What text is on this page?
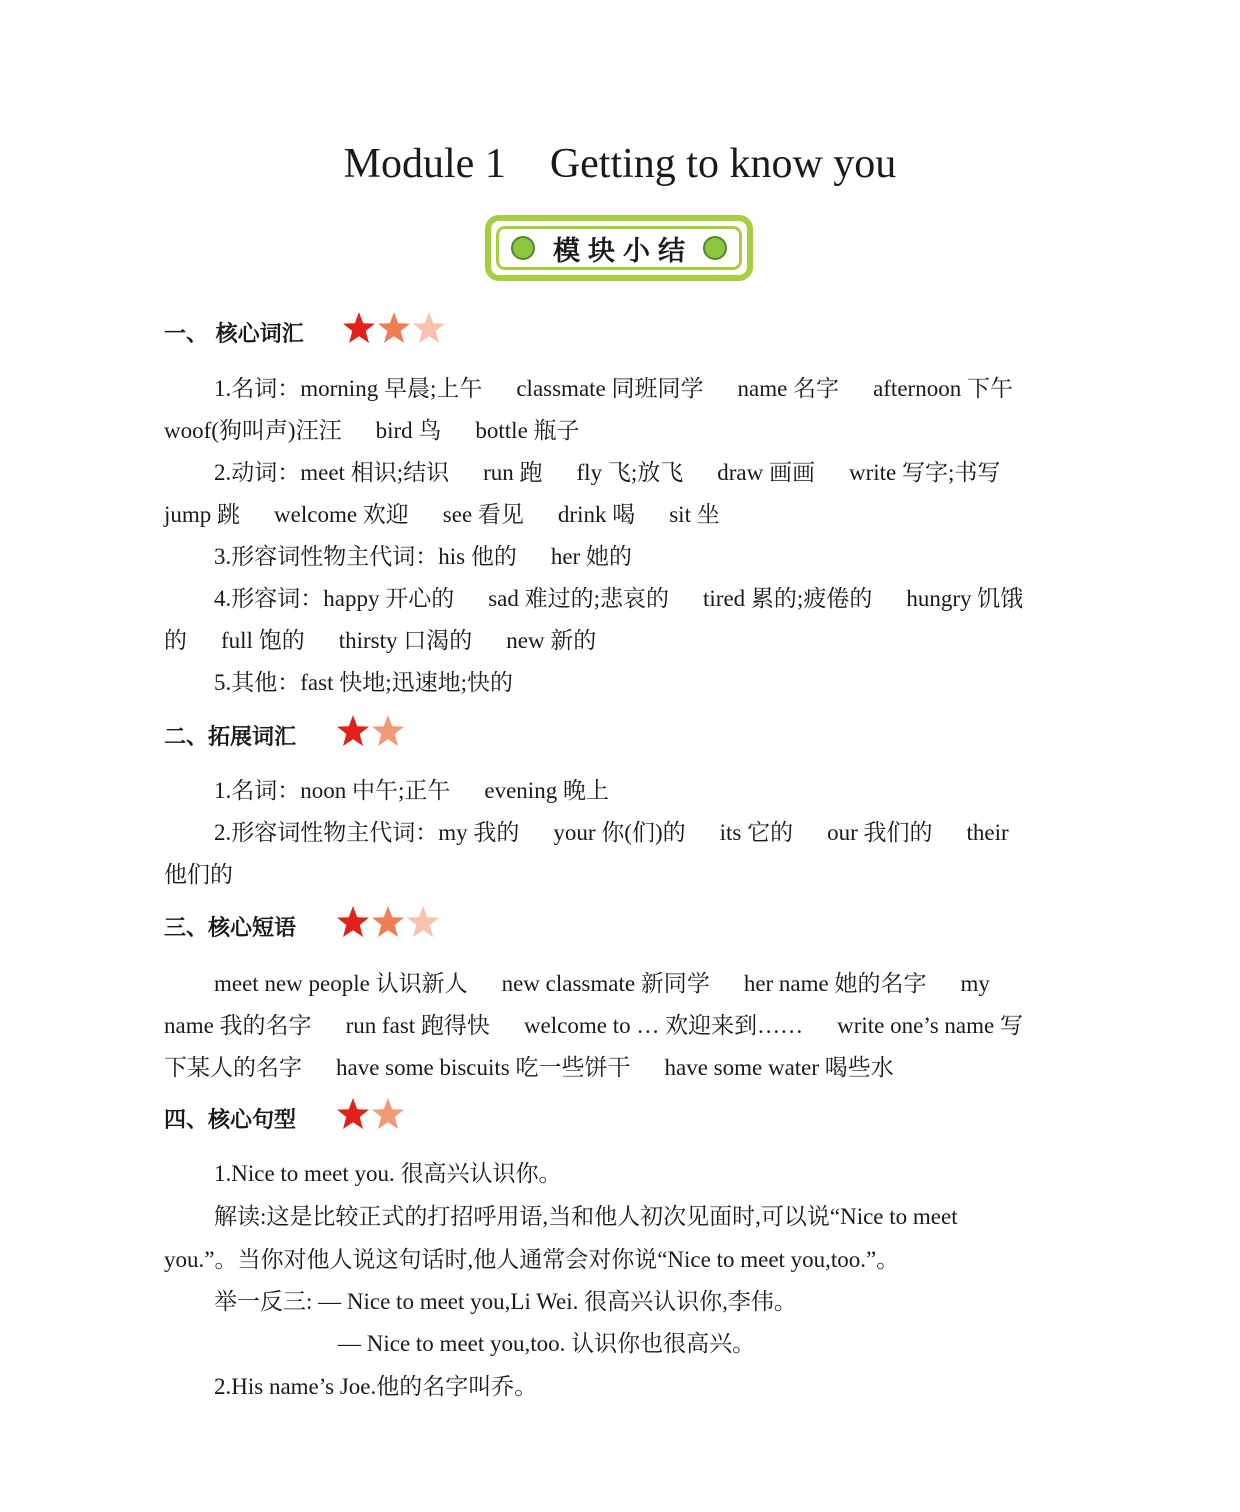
Module 1 Getting to know you
模块小结
一、 核心词汇
1.名词：morning 早晨;上午 classmate 同班同学 name 名字 afternoon 下午
woof(狗叫声)汪汪 bird 鸟 bottle 瓶子
2.动词：meet 相识;结识 run 跑 fly 飞;放飞 draw 画画 write 写字;书写
jump 跳 welcome 欢迎 see 看见 drink 喝 sit 坐
3.形容词性物主代词：his 他的 her 她的
4.形容词：happy 开心的 sad 难过的;悲哀的 tired 累的;疲倦的 hungry 饥饿
的 full 饱的 thirsty 口渴的 new 新的
5.其他：fast 快地;迅速地;快的
二、拓展词汇
1.名词：noon 中午;正午 evening 晚上
2.形容词性物主代词：my 我的 your 你(们)的 its 它的 our 我们的 their
他们的
三、核心短语
meet new people 认识新人 new classmate 新同学 her name 她的名字 my
name 我的名字 run fast 跑得快 welcome to … 欢迎来到…… write one’s name 写
下某人的名字 have some biscuits 吃一些饼干 have some water 喝些水
四、核心句型
1.Nice to meet you. 很高兴认识你。
解读:这是比较正式的打招呼用语,当和他人初次见面时,可以说“Nice to meet
you.”。当你对他人说这句话时,他人通常会对你说“Nice to meet you,too.”。
举一反三: — Nice to meet you,Li Wei. 很高兴认识你,李伟。
— Nice to meet you,too. 认识你也很高兴。
2.His name’s Joe.他的名字叫乔。
